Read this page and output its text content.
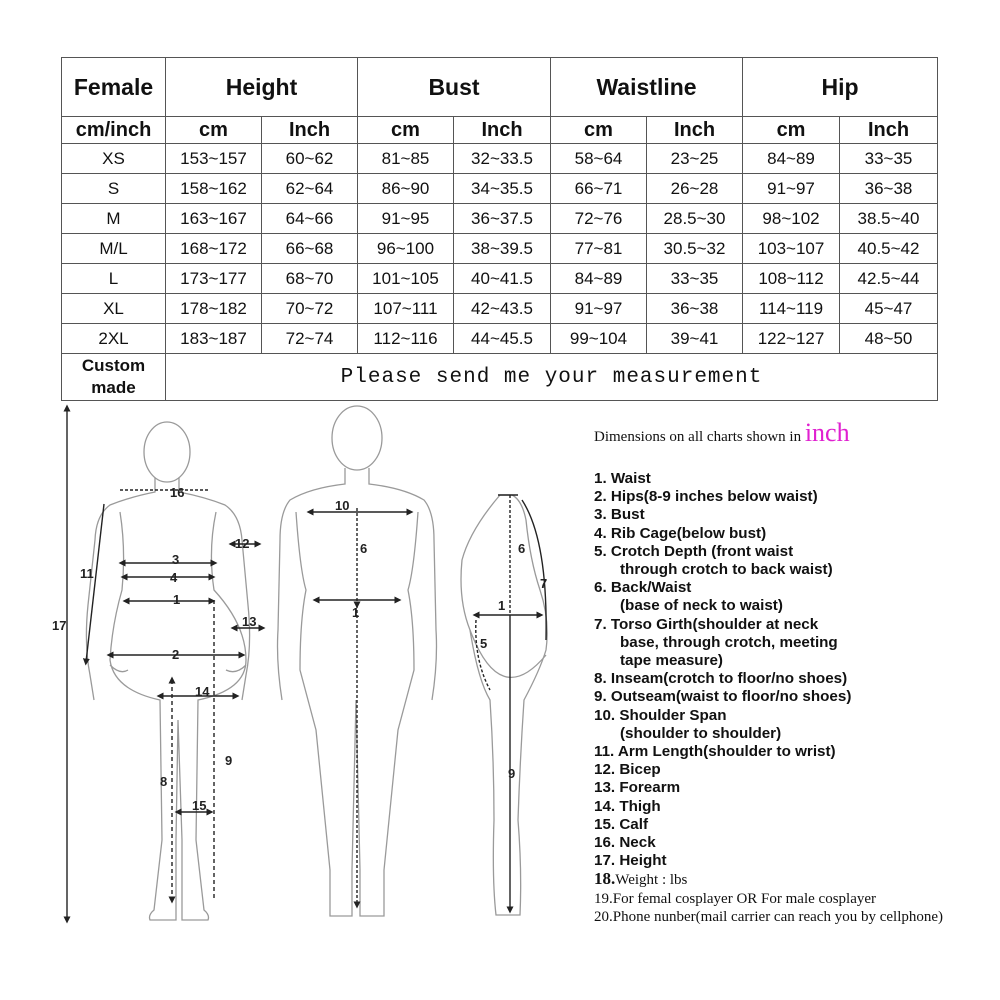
Female	Height		Bust		Waistline		Hip	
cm/inch	cm	Inch	cm	Inch	cm	Inch	cm	Inch
XS	153~157	60~62	81~85	32~33.5	58~64	23~25	84~89	33~35
S	158~162	62~64	86~90	34~35.5	66~71	26~28	91~97	36~38
M	163~167	64~66	91~95	36~37.5	72~76	28.5~30	98~102	38.5~40
M/L	168~172	66~68	96~100	38~39.5	77~81	30.5~32	103~107	40.5~42
L	173~177	68~70	101~105	40~41.5	84~89	33~35	108~112	42.5~44
XL	178~182	70~72	107~111	42~43.5	91~97	36~38	114~119	45~47
2XL	183~187	72~74	112~116	44~45.5	99~104	39~41	122~127	48~50
Custom
made	Please send me your measurement							
16
3
4
1
2
14
15
12
13
11
8
9
17
10
6
1
6
7
1
5
9
Dimensions on all charts shown in inch
1. Waist
2. Hips(8-9 inches below waist)
3. Bust
4. Rib Cage(below bust)
5. Crotch Depth (front waist
through crotch to back waist)
6. Back/Waist
(base of neck to waist)
7. Torso Girth(shoulder at neck
base, through crotch, meeting
tape measure)
8. Inseam(crotch to floor/no shoes)
9. Outseam(waist to floor/no shoes)
10. Shoulder Span
(shoulder to shoulder)
11. Arm Length(shoulder to wrist)
12. Bicep
13. Forearm
14. Thigh
15. Calf
16. Neck
17. Height
18.Weight : lbs
19.For femal cosplayer OR For male cosplayer
20.Phone nunber(mail carrier can reach you by cellphone)
